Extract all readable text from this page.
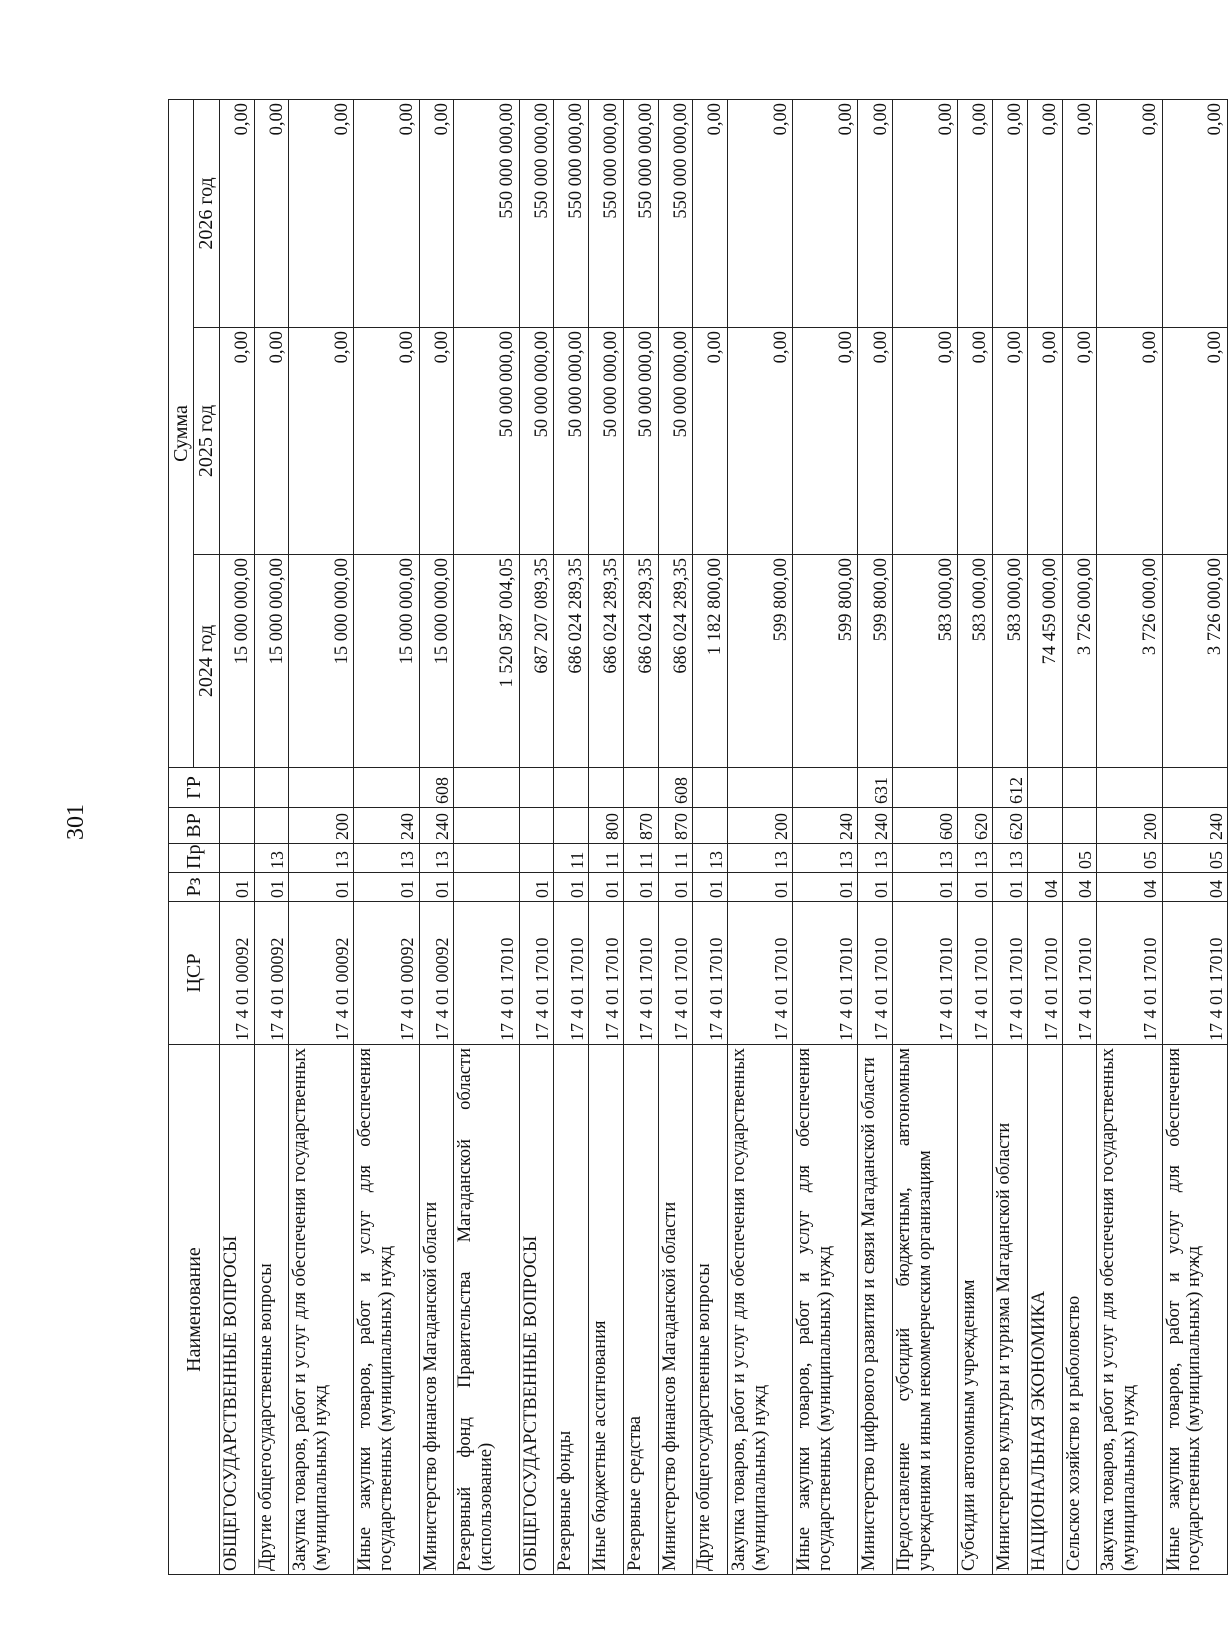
301
Наименование	ЦСР	Рз	Пр	ВР	ГР	Сумма		
						2024 год	2025 год	2026 год
ОБЩЕГОСУДАРСТВЕННЫЕ ВОПРОСЫ	17 4 01 00092	01				15 000 000,00	0,00	0,00
Другие общегосударственные вопросы	17 4 01 00092	01	13			15 000 000,00	0,00	0,00
Закупка товаров, работ и услуг для обеспечения государственных (муниципальных) нужд	17 4 01 00092	01	13	200		15 000 000,00	0,00	0,00
Иные закупки товаров, работ и услуг для обеспечения государственных (муниципальных) нужд	17 4 01 00092	01	13	240		15 000 000,00	0,00	0,00
Министерство финансов Магаданской области	17 4 01 00092	01	13	240	608	15 000 000,00	0,00	0,00
Резервный фонд Правительства Магаданской области (использование)	17 4 01 17010					1 520 587 004,05	50 000 000,00	550 000 000,00
ОБЩЕГОСУДАРСТВЕННЫЕ ВОПРОСЫ	17 4 01 17010	01				687 207 089,35	50 000 000,00	550 000 000,00
Резервные фонды	17 4 01 17010	01	11			686 024 289,35	50 000 000,00	550 000 000,00
Иные бюджетные ассигнования	17 4 01 17010	01	11	800		686 024 289,35	50 000 000,00	550 000 000,00
Резервные средства	17 4 01 17010	01	11	870		686 024 289,35	50 000 000,00	550 000 000,00
Министерство финансов Магаданской области	17 4 01 17010	01	11	870	608	686 024 289,35	50 000 000,00	550 000 000,00
Другие общегосударственные вопросы	17 4 01 17010	01	13			1 182 800,00	0,00	0,00
Закупка товаров, работ и услуг для обеспечения государственных (муниципальных) нужд	17 4 01 17010	01	13	200		599 800,00	0,00	0,00
Иные закупки товаров, работ и услуг для обеспечения государственных (муниципальных) нужд	17 4 01 17010	01	13	240		599 800,00	0,00	0,00
Министерство цифрового развития и связи Магаданской области	17 4 01 17010	01	13	240	631	599 800,00	0,00	0,00
Предоставление субсидий бюджетным, автономным учреждениям и иным некоммерческим организациям	17 4 01 17010	01	13	600		583 000,00	0,00	0,00
Субсидии автономным учреждениям	17 4 01 17010	01	13	620		583 000,00	0,00	0,00
Министерство культуры и туризма Магаданской области	17 4 01 17010	01	13	620	612	583 000,00	0,00	0,00
НАЦИОНАЛЬНАЯ ЭКОНОМИКА	17 4 01 17010	04				74 459 000,00	0,00	0,00
Сельское хозяйство и рыболовство	17 4 01 17010	04	05			3 726 000,00	0,00	0,00
Закупка товаров, работ и услуг для обеспечения государственных (муниципальных) нужд	17 4 01 17010	04	05	200		3 726 000,00	0,00	0,00
Иные закупки товаров, работ и услуг для обеспечения государственных (муниципальных) нужд	17 4 01 17010	04	05	240		3 726 000,00	0,00	0,00
